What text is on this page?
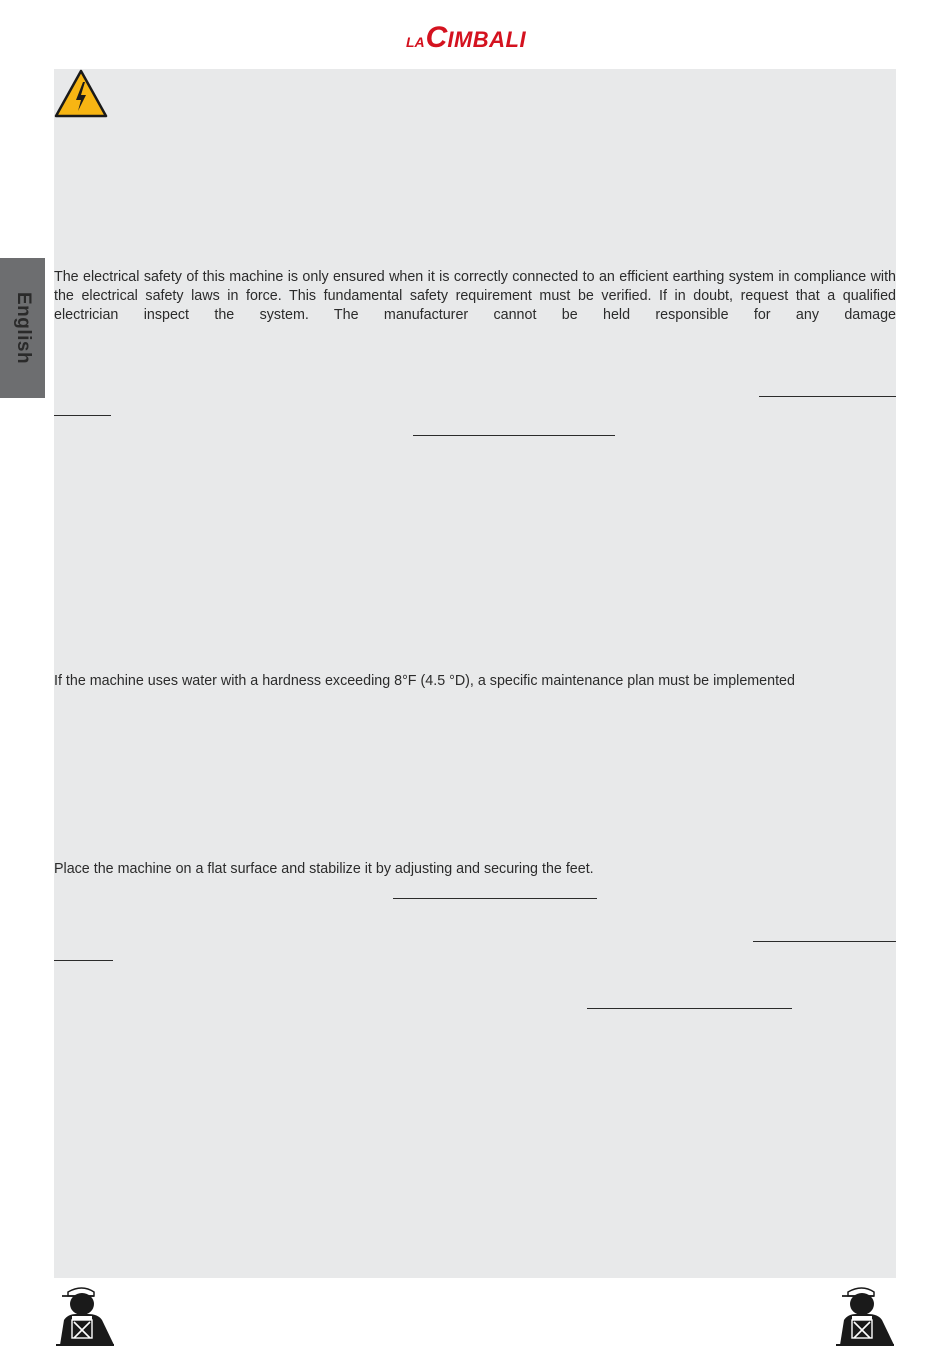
LACIMBALI
English

The electrical safety of this machine is only ensured when it is correctly connected to an efficient earthing system in compliance with the electrical safety laws in force. This fundamental safety requirement must be verified. If in doubt, request that a qualified electrician inspect the system. The manufacturer cannot be held responsible for any damage

If the machine uses water with a hardness exceeding 8°F (4.5 °D), a specific maintenance plan must be implemented

Place the machine on a flat surface and stabilize it by adjusting and securing the feet.
